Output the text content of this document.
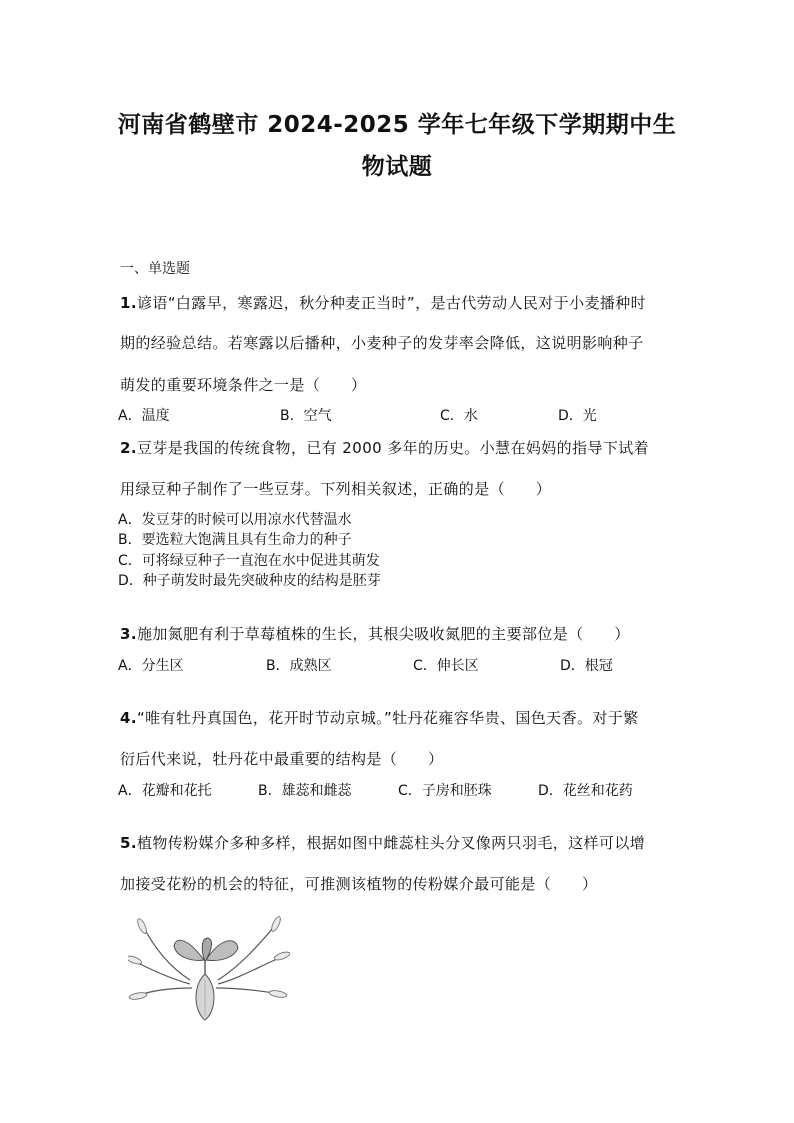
河南省鹤壁市 2024-2025 学年七年级下学期期中生
物试题
一、单选题
1.谚语“白露早，寒露迟，秋分种麦正当时”，是古代劳动人民对于小麦播种时
期的经验总结。若寒露以后播种，小麦种子的发芽率会降低，这说明影响种子
萌发的重要环境条件之一是（　　）
A．温度	B．空气	C．水	D．光
2.豆芽是我国的传统食物，已有 2000 多年的历史。小慧在妈妈的指导下试着
用绿豆种子制作了一些豆芽。下列相关叙述，正确的是（　　）
A．发豆芽的时候可以用凉水代替温水
B．要选粒大饱满且具有生命力的种子
C．可将绿豆种子一直泡在水中促进其萌发
D．种子萌发时最先突破种皮的结构是胚芽
3.施加氮肥有利于草莓植株的生长，其根尖吸收氮肥的主要部位是（　　）
A．分生区	B．成熟区	C．伸长区	D．根冠
4.“唯有牡丹真国色，花开时节动京城。”牡丹花雍容华贵、国色天香。对于繁
衍后代来说，牡丹花中最重要的结构是（　　）
A．花瓣和花托	B．雄蕊和雌蕊	C．子房和胚珠	D．花丝和花药
5.植物传粉媒介多种多样，根据如图中雌蕊柱头分叉像两只羽毛，这样可以增
加接受花粉的机会的特征，可推测该植物的传粉媒介最可能是（　　）
